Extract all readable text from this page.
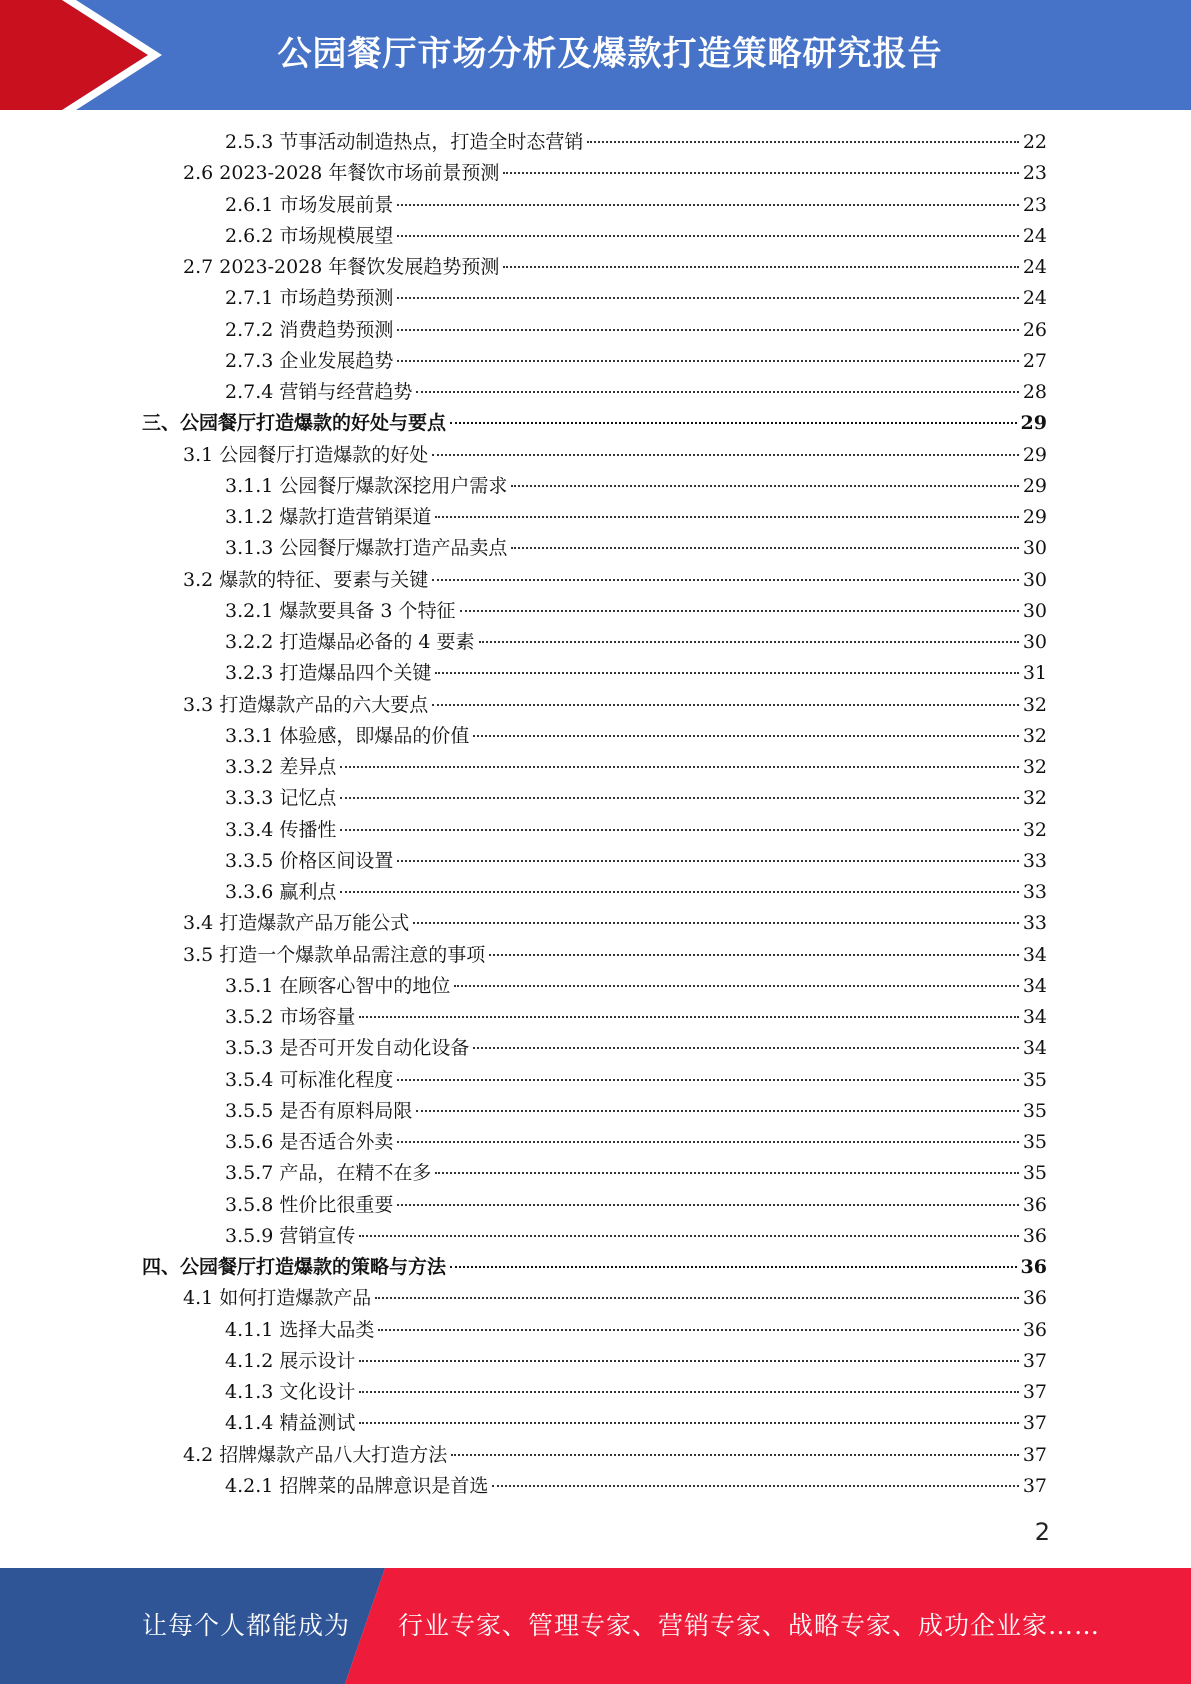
公园餐厅市场分析及爆款打造策略研究报告
2.5.3 节事活动制造热点，打造全时态营销	22
2.6 2023-2028 年餐饮市场前景预测	23
2.6.1 市场发展前景	23
2.6.2 市场规模展望	24
2.7 2023-2028 年餐饮发展趋势预测	24
2.7.1 市场趋势预测	24
2.7.2 消费趋势预测	26
2.7.3 企业发展趋势	27
2.7.4 营销与经营趋势	28
三、公园餐厅打造爆款的好处与要点	29
3.1 公园餐厅打造爆款的好处	29
3.1.1 公园餐厅爆款深挖用户需求	29
3.1.2 爆款打造营销渠道	29
3.1.3 公园餐厅爆款打造产品卖点	30
3.2 爆款的特征、要素与关键	30
3.2.1 爆款要具备 3 个特征	30
3.2.2 打造爆品必备的 4 要素	30
3.2.3 打造爆品四个关键	31
3.3 打造爆款产品的六大要点	32
3.3.1 体验感，即爆品的价值	32
3.3.2 差异点	32
3.3.3 记忆点	32
3.3.4 传播性	32
3.3.5 价格区间设置	33
3.3.6 赢利点	33
3.4 打造爆款产品万能公式	33
3.5 打造一个爆款单品需注意的事项	34
3.5.1 在顾客心智中的地位	34
3.5.2 市场容量	34
3.5.3 是否可开发自动化设备	34
3.5.4 可标准化程度	35
3.5.5 是否有原料局限	35
3.5.6 是否适合外卖	35
3.5.7 产品，在精不在多	35
3.5.8 性价比很重要	36
3.5.9 营销宣传	36
四、公园餐厅打造爆款的策略与方法	36
4.1 如何打造爆款产品	36
4.1.1 选择大品类	36
4.1.2 展示设计	37
4.1.3 文化设计	37
4.1.4 精益测试	37
4.2 招牌爆款产品八大打造方法	37
4.2.1 招牌菜的品牌意识是首选	37
2
让每个人都能成为 行业专家、管理专家、营销专家、战略专家、成功企业家……
